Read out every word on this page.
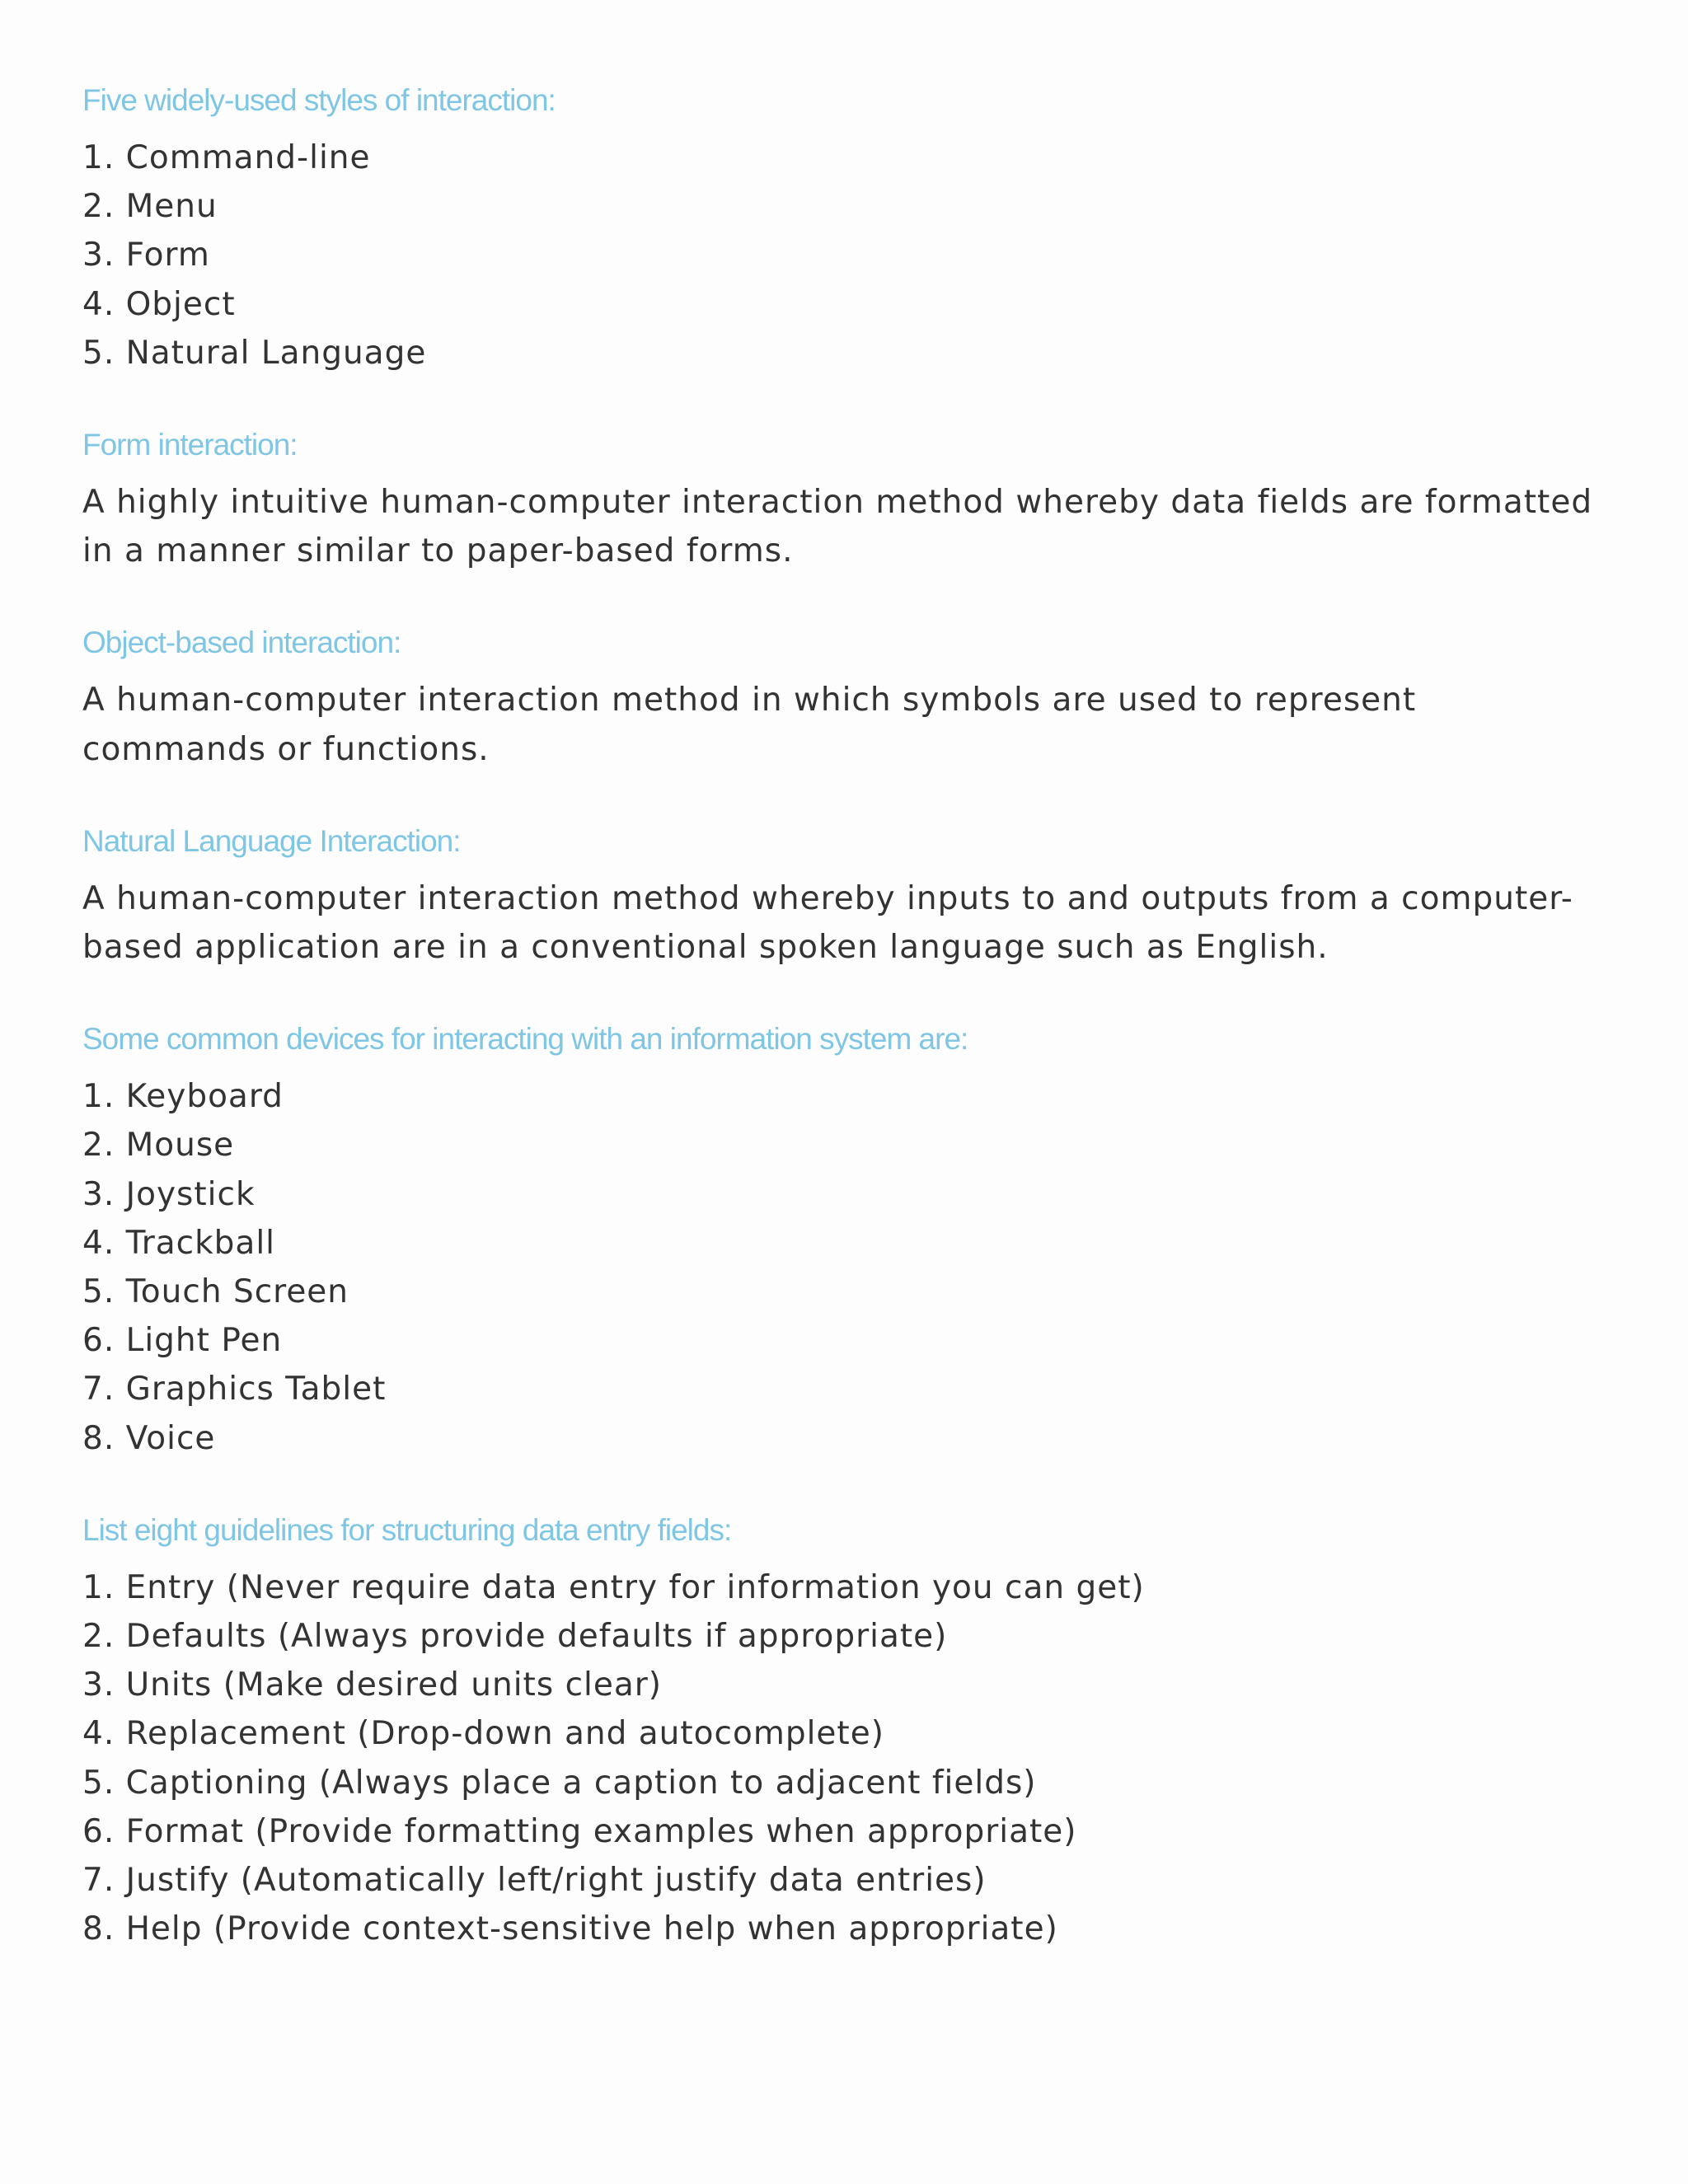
Five widely-used styles of interaction:
1. Command-line
2. Menu
3. Form
4. Object
5. Natural Language
Form interaction:

A highly intuitive human-computer interaction method whereby data fields are formatted
in a manner similar to paper-based forms.

Object-based interaction:

A human-computer interaction method in which symbols are used to represent
commands or functions.

Natural Language Interaction:

A human-computer interaction method whereby inputs to and outputs from a computer-
based application are in a conventional spoken language such as English.

Some common devices for interacting with an information system are:
1. Keyboard
2. Mouse
3. Joystick
4. Trackball
5. Touch Screen
6. Light Pen
7. Graphics Tablet
8. Voice
List eight guidelines for structuring data entry fields:
1. Entry (Never require data entry for information you can get)
2. Defaults (Always provide defaults if appropriate)
3. Units (Make desired units clear)
4. Replacement (Drop-down and autocomplete)
5. Captioning (Always place a caption to adjacent fields)
6. Format (Provide formatting examples when appropriate)
7. Justify (Automatically left/right justify data entries)
8. Help (Provide context-sensitive help when appropriate)
